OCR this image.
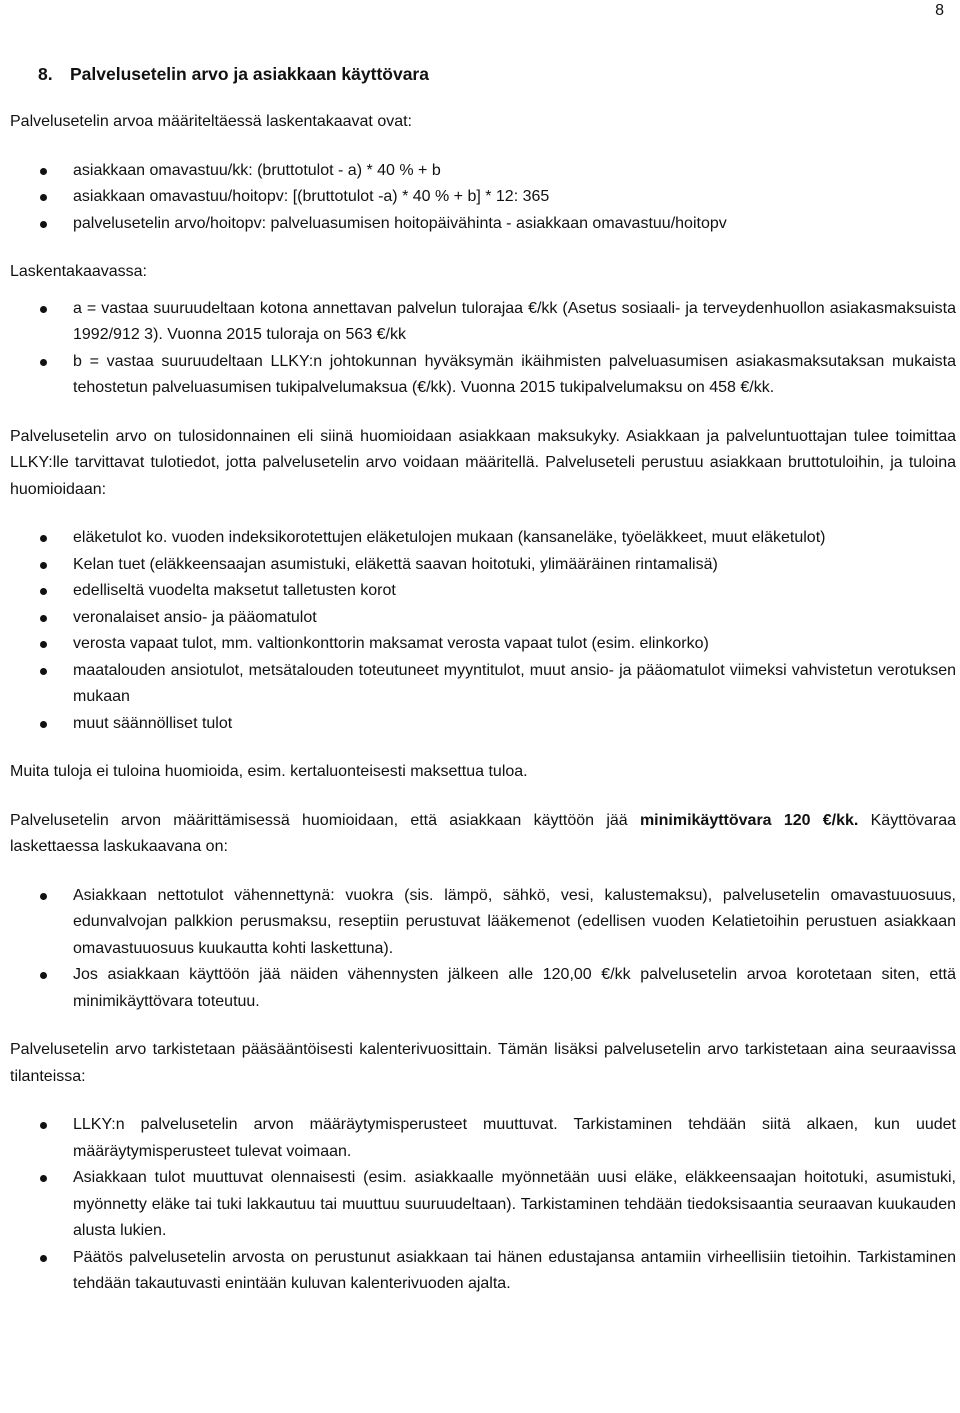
8
8. Palvelusetelin arvo ja asiakkaan käyttövara

Palvelusetelin arvoa määriteltäessä laskentakaavat ovat:

asiakkaan omavastuu/kk: (bruttotulot - a) * 40 % + b
asiakkaan omavastuu/hoitopv: [(bruttotulot -a) * 40 % + b] * 12: 365
palvelusetelin arvo/hoitopv: palveluasumisen hoitopäivähinta - asiakkaan omavastuu/hoitopv

Laskentakaavassa:

a = vastaa suuruudeltaan kotona annettavan palvelun tulorajaa €/kk (Asetus sosiaali- ja terveydenhuollon asiakasmaksuista 1992/912 3). Vuonna 2015 tuloraja on 563 €/kk
b = vastaa suuruudeltaan LLKY:n johtokunnan hyväksymän ikäihmisten palveluasumisen asiakasmaksutaksan mukaista tehostetun palveluasumisen tukipalvelumaksua (€/kk). Vuonna 2015 tukipalvelumaksu on 458 €/kk.

Palvelusetelin arvo on tulosidonnainen eli siinä huomioidaan asiakkaan maksukyky. Asiakkaan ja palveluntuottajan tulee toimittaa LLKY:lle tarvittavat tulotiedot, jotta palvelusetelin arvo voidaan määritellä. Palveluseteli perustuu asiakkaan bruttotuloihin, ja tuloina huomioidaan:

eläketulot ko. vuoden indeksikorotettujen eläketulojen mukaan (kansaneläke, työeläkkeet, muut eläketulot)
Kelan tuet (eläkkeensaajan asumistuki, eläkettä saavan hoitotuki, ylimääräinen rintamalisä)
edelliseltä vuodelta maksetut talletusten korot
veronalaiset ansio- ja pääomatulot
verosta vapaat tulot, mm. valtionkonttorin maksamat verosta vapaat tulot (esim. elinkorko)
maatalouden ansiotulot, metsätalouden toteutuneet myyntitulot, muut ansio- ja pääomatulot viimeksi vahvistetun verotuksen mukaan
muut säännölliset tulot

Muita tuloja ei tuloina huomioida, esim. kertaluonteisesti maksettua tuloa.

Palvelusetelin arvon määrittämisessä huomioidaan, että asiakkaan käyttöön jää minimikäyttövara 120 €/kk. Käyttövaraa laskettaessa laskukaavana on:

Asiakkaan nettotulot vähennettynä: vuokra (sis. lämpö, sähkö, vesi, kalustemaksu), palvelusetelin omavastuuosuus, edunvalvojan palkkion perusmaksu, reseptiin perustuvat lääkemenot (edellisen vuoden Kelatietoihin perustuen asiakkaan omavastuuosuus kuukautta kohti laskettuna).
Jos asiakkaan käyttöön jää näiden vähennysten jälkeen alle 120,00 €/kk palvelusetelin arvoa korotetaan siten, että minimikäyttövara toteutuu.

Palvelusetelin arvo tarkistetaan pääsääntöisesti kalenterivuosittain. Tämän lisäksi palvelusetelin arvo tarkistetaan aina seuraavissa tilanteissa:

LLKY:n palvelusetelin arvon määräytymisperusteet muuttuvat. Tarkistaminen tehdään siitä alkaen, kun uudet määräytymisperusteet tulevat voimaan.
Asiakkaan tulot muuttuvat olennaisesti (esim. asiakkaalle myönnetään uusi eläke, eläkkeensaajan hoitotuki, asumistuki, myönnetty eläke tai tuki lakkautuu tai muuttuu suuruudeltaan). Tarkistaminen tehdään tiedoksisaantia seuraavan kuukauden alusta lukien.
Päätös palvelusetelin arvosta on perustunut asiakkaan tai hänen edustajansa antamiin virheellisiin tietoihin. Tarkistaminen tehdään takautuvasti enintään kuluvan kalenterivuoden ajalta.
